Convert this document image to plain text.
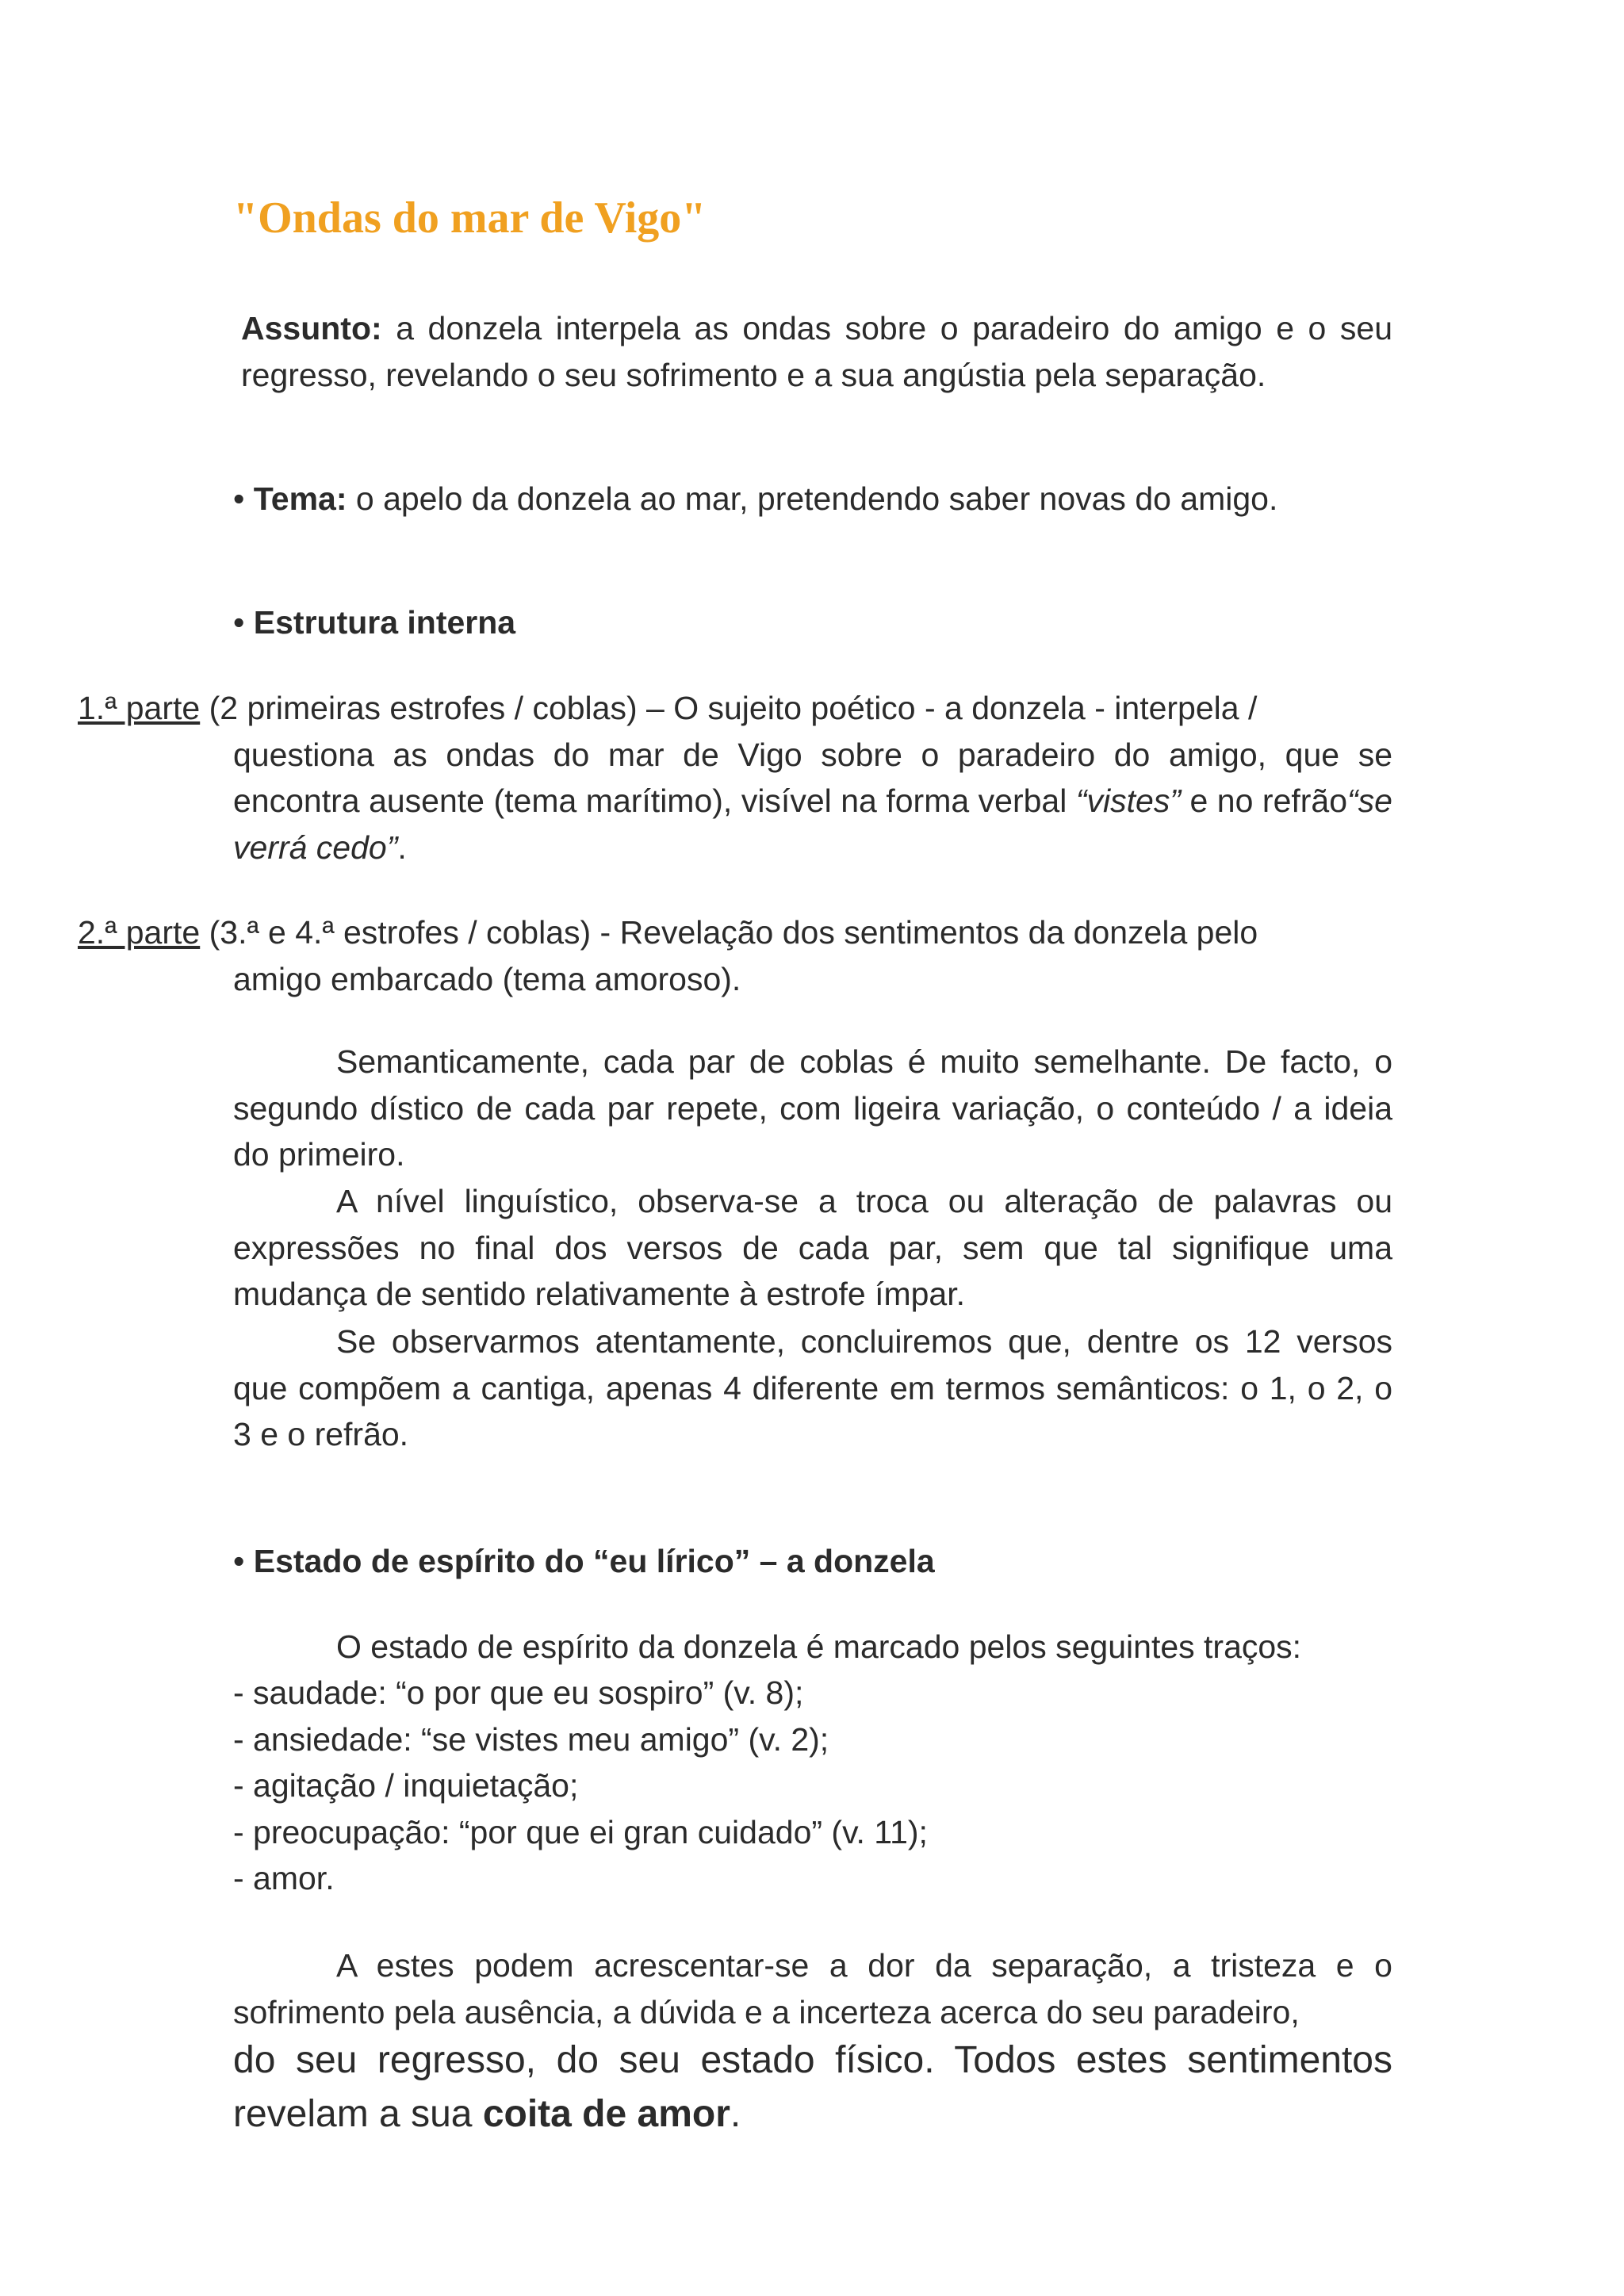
"Ondas do mar de Vigo"

Assunto: a donzela interpela as ondas sobre o paradeiro do amigo e o seu regresso, revelando o seu sofrimento e a sua angústia pela separação.

• Tema: o apelo da donzela ao mar, pretendendo saber novas do amigo.

• Estrutura interna

1.ª parte (2 primeiras estrofes / coblas) – O sujeito poético - a donzela - interpela /
questiona as ondas do mar de Vigo sobre o paradeiro do amigo, que se encontra ausente (tema marítimo), visível na forma verbal “vistes” e no refrão“se verrá cedo”.
2.ª parte (3.ª e 4.ª estrofes / coblas) - Revelação dos sentimentos da donzela pelo
amigo embarcado (tema amoroso).

Semanticamente, cada par de coblas é muito semelhante. De facto, o segundo dístico de cada par repete, com ligeira variação, o conteúdo / a ideia do primeiro.

A nível linguístico, observa-se a troca ou alteração de palavras ou expressões no final dos versos de cada par, sem que tal signifique uma mudança de sentido relativamente à estrofe ímpar.

Se observarmos atentamente, concluiremos que, dentre os 12 versos que compõem a cantiga, apenas 4 diferente em termos semânticos: o 1, o 2, o 3 e o refrão.

• Estado de espírito do “eu lírico” – a donzela

O estado de espírito da donzela é marcado pelos seguintes traços:

- saudade: “o por que eu sospiro” (v. 8);
- ansiedade: “se vistes meu amigo” (v. 2);
- agitação / inquietação;
- preocupação: “por que ei gran cuidado” (v. 11);
- amor.

A estes podem acrescentar-se a dor da separação, a tristeza e o sofrimento pela ausência, a dúvida e a incerteza acerca do seu paradeiro,

do seu regresso, do seu estado físico. Todos estes sentimentos revelam a sua coita de amor.
